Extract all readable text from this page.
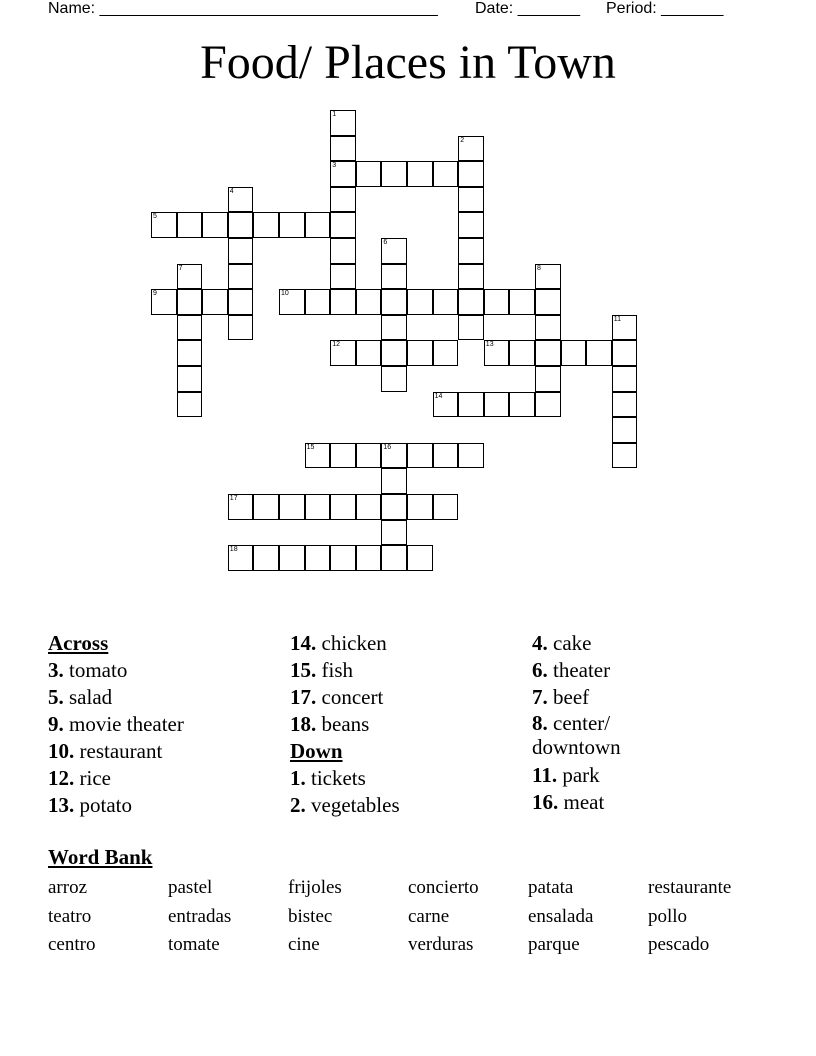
Name: ______________________________________ Date: _______ Period: _______
Food/ Places in Town
1
3
2
4
5
6
7	8
9	10
11
12	13
14
15	16
17
18
Across
3. tomato
5. salad
9. movie theater
10. restaurant
12. rice
13. potato
14. chicken
15. fish
17. concert
18. beans
Down
1. tickets
2. vegetables
4. cake
6. theater
7. beef
8. center/ downtown
11. park
16. meat
Word Bank
arroz	pastel	frijoles	concierto	patata	restaurante
teatro	entradas	bistec	carne	ensalada	pollo
centro	tomate	cine	verduras	parque	pescado
